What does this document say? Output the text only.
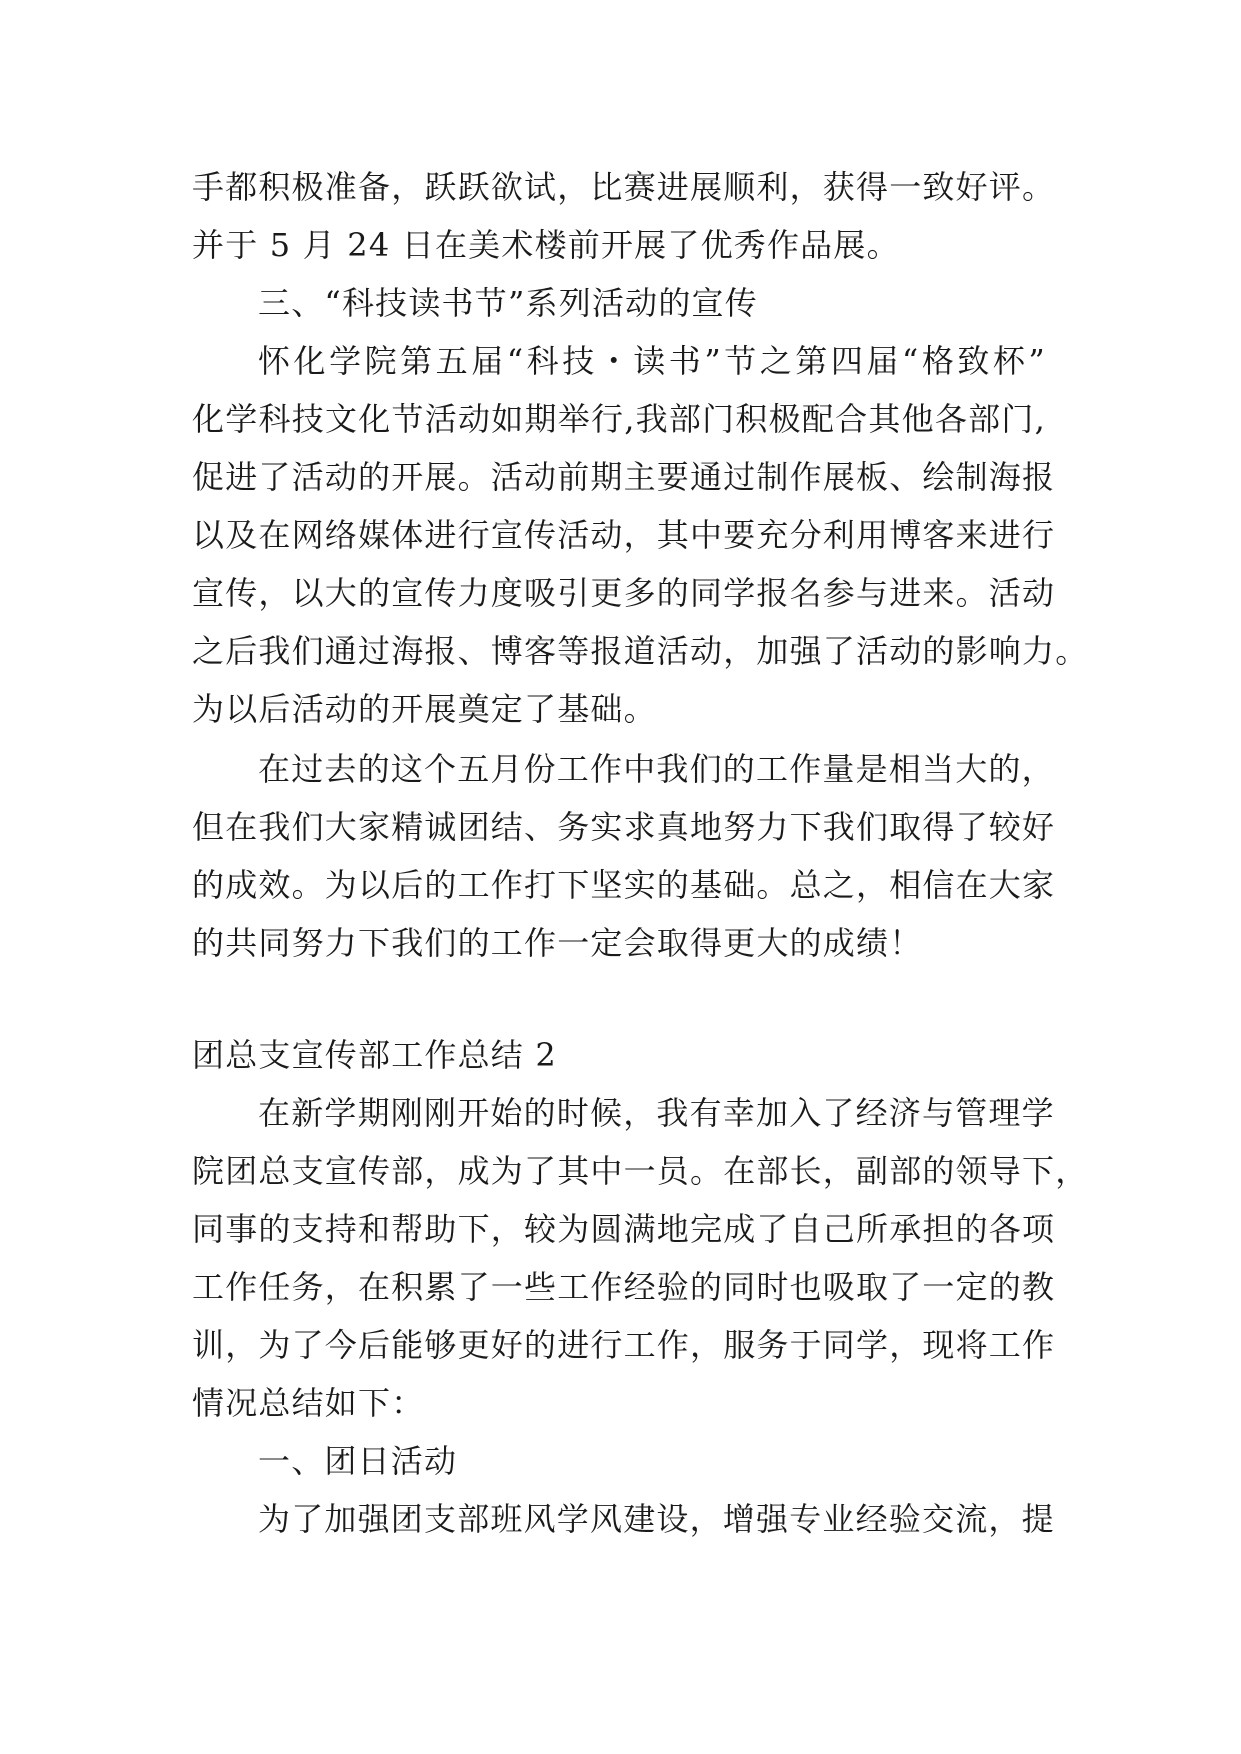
手都积极准备，跃跃欲试，比赛进展顺利，获得一致好评。
并于 5 月 24 日在美术楼前开展了优秀作品展。
三、“科技读书节”系列活动的宣传
怀化学院第五届“科技・读书”节之第四届“格致杯”
化学科技文化节活动如期举行,我部门积极配合其他各部门,
促进了活动的开展。活动前期主要通过制作展板、绘制海报
以及在网络媒体进行宣传活动，其中要充分利用博客来进行
宣传，以大的宣传力度吸引更多的同学报名参与进来。活动
之后我们通过海报、博客等报道活动，加强了活动的影响力。
为以后活动的开展奠定了基础。
在过去的这个五月份工作中我们的工作量是相当大的，
但在我们大家精诚团结、务实求真地努力下我们取得了较好
的成效。为以后的工作打下坚实的基础。总之，相信在大家
的共同努力下我们的工作一定会取得更大的成绩！
团总支宣传部工作总结 2
在新学期刚刚开始的时候，我有幸加入了经济与管理学
院团总支宣传部，成为了其中一员。在部长，副部的领导下，
同事的支持和帮助下，较为圆满地完成了自己所承担的各项
工作任务，在积累了一些工作经验的同时也吸取了一定的教
训，为了今后能够更好的进行工作，服务于同学，现将工作
情况总结如下：
一、团日活动
为了加强团支部班风学风建设，增强专业经验交流，提
